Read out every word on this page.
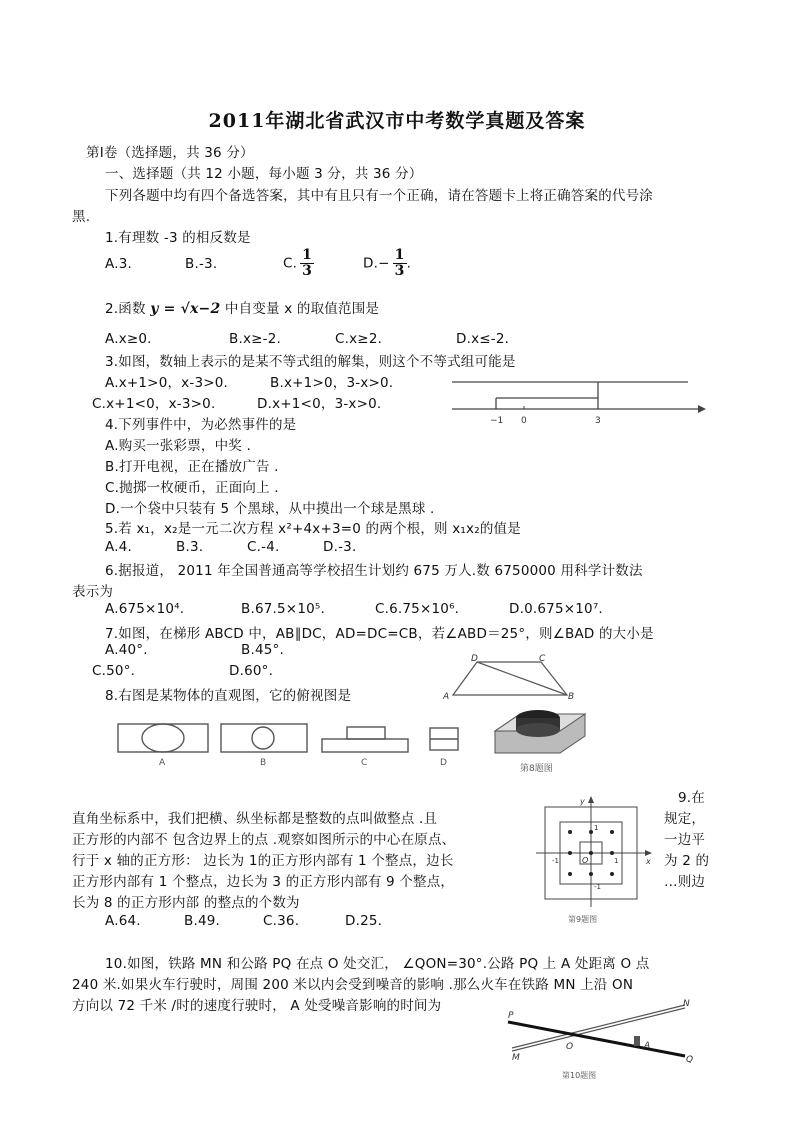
2011年湖北省武汉市中考数学真题及答案
第Ⅰ卷（选择题，共 36 分）
一、选择题（共 12 小题，每小题 3 分，共 36 分）
下列各题中均有四个备选答案，其中有且只有一个正确，请在答题卡上将正确答案的代号涂
黑.
1.有理数 -3 的相反数是
A.3.	B.-3.	C. $\frac{1}{3}$	$D.- \frac{1}{3}$ .
2.函数 y = √x−2 中自变量 x 的取值范围是
A.x≥0.	B.x≥-2.	C.x≥2.	D.x≤-2.
3.如图，数轴上表示的是某不等式组的解集，则这个不等式组可能是
A.x+1>0，x-3>0.	B.x+1>0，3-x>0.
C.x+1<0，x-3>0.	D.x+1<0，3-x>0.
−1 0	3
4.下列事件中，为必然事件的是
A.购买一张彩票，中奖 .
B.打开电视，正在播放广告 .
C.抛掷一枚硬币，正面向上 .
D.一个袋中只装有 5 个黑球，从中摸出一个球是黑球 .
5.若 x₁，x₂是一元二次方程 x²+4x+3=0 的两个根，则 x₁x₂的值是
A.4.	B.3.	C.-4.	D.-3.
6.据报道， 2011 年全国普通高等学校招生计划约 675 万人.数 6750000 用科学计数法
表示为
A.675×10⁴.	B.67.5×10⁵.	C.6.75×10⁶.	D.0.675×10⁷.
7.如图，在梯形 ABCD 中，AB∥DC，AD=DC=CB，若∠ABD＝25°，则∠BAD 的大小是
A.40°.	B.45°.
C.50°.	D.60°.
D	C
A	B
8.右图是某物体的直观图，它的俯视图是
A	B	C	D
第8题图
9.在
直角坐标系中，我们把横、纵坐标都是整数的点叫做整点 .且
正方形的内部不 包含边界上的点 .观察如图所示的中心在原点、
行于 x 轴的正方形： 边长为 1的正方形内部有 1 个整点，边长
正方形内部有 1 个整点，边长为 3 的正方形内部有 9 个整点，
长为 8 的正方形内部 的整点的个数为
规定，
一边平
为 2 的
…则边
A.64.	B.49.	C.36.	D.25.
y
x
O
1
-1
1
-1
第9题图
10.如图，铁路 MN 和公路 PQ 在点 O 处交汇， ∠QON=30°.公路 PQ 上 A 处距离 O 点
240 米.如果火车行驶时，周围 200 米以内会受到噪音的影响 .那么火车在铁路 MN 上沿 ON
方向以 72 千米 /时的速度行驶时， A 处受噪音影响的时间为
P
N
M
O	A
Q
第10题图
